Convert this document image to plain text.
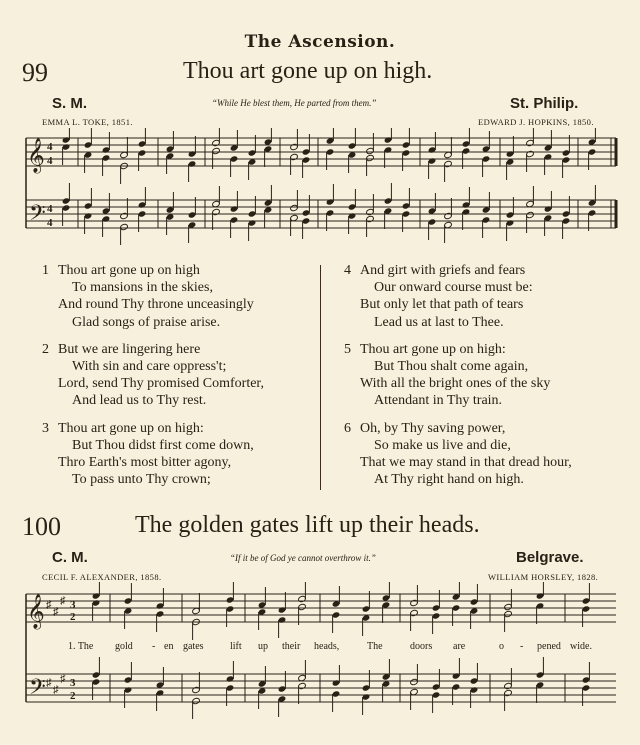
The Ascension.
99	Thou art gone up on high.
S. M.	“While He blest them, He parted from them.”	St. Philip.
EMMA L. TOKE, 1851.	EDWARD J. HOPKINS, 1850.
𝄞
𝄢
4
4
4
4
1 Thou art gone up on high
To mansions in the skies,
And round Thy throne unceasingly
Glad songs of praise arise.
2 But we are lingering here
With sin and care oppress't;
Lord, send Thy promised Comforter,
And lead us to Thy rest.
3 Thou art gone up on high:
But Thou didst first come down,
Thro Earth's most bitter agony,
To pass unto Thy crown;
4 And girt with griefs and fears
Our onward course must be:
But only let that path of tears
Lead us at last to Thee.
5 Thou art gone up on high:
But Thou shalt come again,
With all the bright ones of the sky
Attendant in Thy train.
6 Oh, by Thy saving power,
So make us live and die,
That we may stand in that dread hour,
At Thy right hand on high.
100	The golden gates lift up their heads.
C. M.	“If it be of God ye cannot overthrow it.”	Belgrave.
CECIL F. ALEXANDER, 1858.	WILLIAM HORSLEY, 1828.
𝄞
𝄢
♯
♯
♯
♯
♯
♯
3
2
3
2
1. The gold - en gates	lift up their heads,	The	doors are	o - pened wide.
